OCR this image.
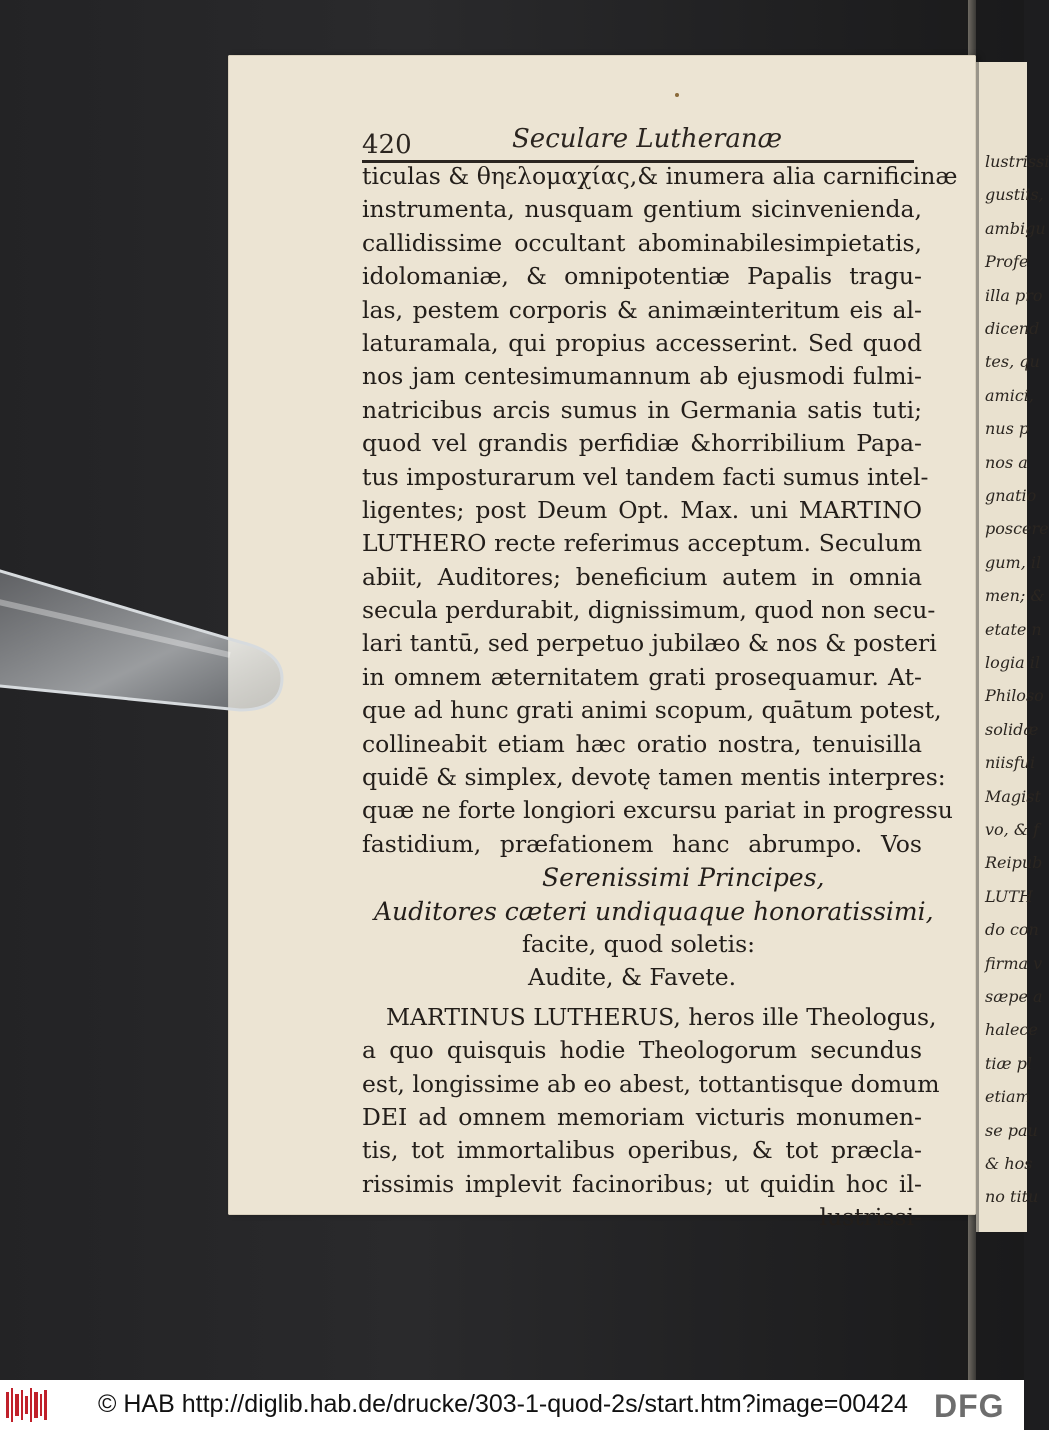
lustrissi
gustiis,
ambigu
Profe
illa pro
dicend
tes, qu
amici,
nus p
nos a
gnatio
poscere
gum, il
men; &
etate n
logia il
Philoso
solidæ
niisfui
Magist
vo, & f
Reipub
LUTH
do con
firma v
sæpe a
halece
tiæ pl
etiam
se pau
& hos
no titu
420	Seculare Lutheranæ
ticulas & θηελομαχίας,& inumera alia carnificinæ
instrumenta, nusquam gentium sicinvenienda,
callidissime occultant abominabilesimpietatis,
idolomaniæ, & omnipotentiæ Papalis tragu-
las, pestem corporis & animæinteritum eis al-
laturamala, qui propius accesserint. Sed quod
nos jam centesimumannum ab ejusmodi fulmi-
natricibus arcis sumus in Germania satis tuti;
quod vel grandis perfidiæ &horribilium Papa-
tus imposturarum vel tandem facti sumus intel-
ligentes; post Deum Opt. Max. uni MARTINO
LUTHERO recte referimus acceptum. Seculum
abiit, Auditores; beneficium autem in omnia
secula perdurabit, dignissimum, quod non secu-
lari tantū, sed perpetuo jubilæo & nos & posteri
in omnem æternitatem grati prosequamur. At-
que ad hunc grati animi scopum, quātum potest,
collineabit etiam hæc oratio nostra, tenuisilla
quidē & simplex, devotę tamen mentis interpres:
quæ ne forte longiori excursu pariat in progressu
fastidium, præfationem hanc abrumpo. Vos
Serenissimi Principes,
Auditores cæteri undiquaque honoratissimi,
facite, quod soletis:
Audite, & Favete.
MARTINUS LUTHERUS, heros ille Theologus,
a quo quisquis hodie Theologorum secundus
est, longissime ab eo abest, tottantisque domum
DEI ad omnem memoriam victuris monumen-
tis, tot immortalibus operibus, & tot præcla-
rissimis implevit facinoribus; ut quidin hoc il-
lustrissi-
© HAB http://diglib.hab.de/drucke/303-1-quod-2s/start.htm?image=00424 DFG
